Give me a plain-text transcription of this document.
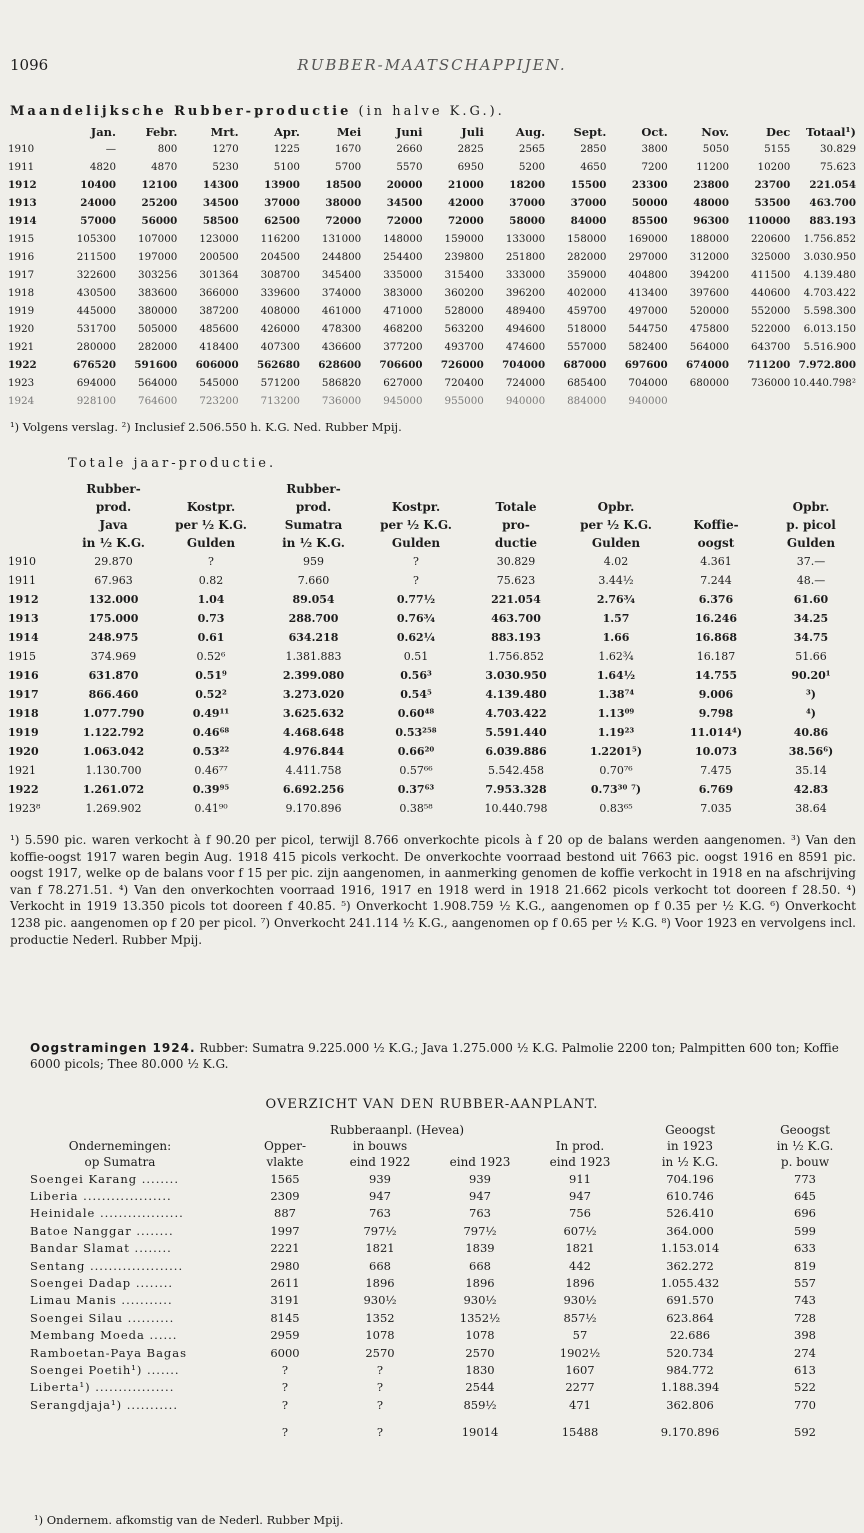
1096	RUBBER-MAATSCHAPPIJEN.
Maandelijksche Rubber-productie (in halve K.G.).
	Jan.	Febr.	Mrt.	Apr.	Mei	Juni	Juli	Aug.	Sept.	Oct.	Nov.	Dec	Totaal¹)
1910	—	800	1270	1225	1670	2660	2825	2565	2850	3800	5050	5155	30.829
1911	4820	4870	5230	5100	5700	5570	6950	5200	4650	7200	11200	10200	75.623
1912	10400	12100	14300	13900	18500	20000	21000	18200	15500	23300	23800	23700	221.054
1913	24000	25200	34500	37000	38000	34500	42000	37000	37000	50000	48000	53500	463.700
1914	57000	56000	58500	62500	72000	72000	72000	58000	84000	85500	96300	110000	883.193
1915	105300	107000	123000	116200	131000	148000	159000	133000	158000	169000	188000	220600	1.756.852
1916	211500	197000	200500	204500	244800	254400	239800	251800	282000	297000	312000	325000	3.030.950
1917	322600	303256	301364	308700	345400	335000	315400	333000	359000	404800	394200	411500	4.139.480
1918	430500	383600	366000	339600	374000	383000	360200	396200	402000	413400	397600	440600	4.703.422
1919	445000	380000	387200	408000	461000	471000	528000	489400	459700	497000	520000	552000	5.598.300
1920	531700	505000	485600	426000	478300	468200	563200	494600	518000	544750	475800	522000	6.013.150
1921	280000	282000	418400	407300	436600	377200	493700	474600	557000	582400	564000	643700	5.516.900
1922	676520	591600	606000	562680	628600	706600	726000	704000	687000	697600	674000	711200	7.972.800
1923	694000	564000	545000	571200	586820	627000	720400	724000	685400	704000	680000	736000	10.440.798²
1924	928100	764600	723200	713200	736000	945000	955000	940000	884000	940000			
¹) Volgens verslag. ²) Inclusief 2.506.550 h. K.G. Ned. Rubber Mpij.
Totale jaar-productie.
	Rubber-		Rubber-					
	prod.	Kostpr.	prod.	Kostpr.	Totale	Opbr.		Opbr.
	Java	per ½ K.G.	Sumatra	per ½ K.G.	pro-	per ½ K.G.	Koffie-	p. picol
	in ½ K.G.	Gulden	in ½ K.G.	Gulden	ductie	Gulden	oogst	Gulden
1910	29.870	?	959	?	30.829	4.02	4.361	37.—
1911	67.963	0.82	7.660	?	75.623	3.44½	7.244	48.—
1912	132.000	1.04	89.054	0.77½	221.054	2.76¾	6.376	61.60
1913	175.000	0.73	288.700	0.76¾	463.700	1.57	16.246	34.25
1914	248.975	0.61	634.218	0.62¼	883.193	1.66	16.868	34.75
1915	374.969	0.52⁶	1.381.883	0.51	1.756.852	1.62¾	16.187	51.66
1916	631.870	0.51⁹	2.399.080	0.56³	3.030.950	1.64½	14.755	90.20¹
1917	866.460	0.52²	3.273.020	0.54⁵	4.139.480	1.38⁷⁴	9.006	³)
1918	1.077.790	0.49¹¹	3.625.632	0.60⁴⁸	4.703.422	1.13⁰⁹	9.798	⁴)
1919	1.122.792	0.46⁶⁸	4.468.648	0.53²⁵⁸	5.591.440	1.19²³	11.014⁴)	40.86
1920	1.063.042	0.53²²	4.976.844	0.66²⁰	6.039.886	1.2201⁵)	10.073	38.56⁶)
1921	1.130.700	0.46⁷⁷	4.411.758	0.57⁶⁶	5.542.458	0.70⁷⁶	7.475	35.14
1922	1.261.072	0.39⁹⁵	6.692.256	0.37⁶³	7.953.328	0.73³⁰ ⁷)	6.769	42.83
1923⁸	1.269.902	0.41⁹⁰	9.170.896	0.38⁵⁸	10.440.798	0.83⁶⁵	7.035	38.64
¹) 5.590 pic. waren verkocht à f 90.20 per picol, terwijl 8.766 onverkochte picols à f 20 op de balans werden aangenomen. ³) Van den koffie-oogst 1917 waren begin Aug. 1918 415 picols verkocht. De onverkochte voorraad bestond uit 7663 pic. oogst 1916 en 8591 pic. oogst 1917, welke op de balans voor f 15 per pic. zijn aangenomen, in aanmerking genomen de koffie verkocht in 1918 en na afschrijving van f 78.271.51. ⁴) Van den onverkochten voorraad 1916, 1917 en 1918 werd in 1918 21.662 picols verkocht tot dooreen f 28.50. ⁴) Verkocht in 1919 13.350 picols tot dooreen f 40.85. ⁵) Onverkocht 1.908.759 ½ K.G., aangenomen op f 0.35 per ½ K.G. ⁶) Onverkocht 1238 pic. aangenomen op f 20 per picol. ⁷) Onverkocht 241.114 ½ K.G., aangenomen op f 0.65 per ½ K.G. ⁸) Voor 1923 en vervolgens incl. productie Nederl. Rubber Mpij.
Oogstramingen 1924. Rubber: Sumatra 9.225.000 ½ K.G.; Java 1.275.000 ½ K.G. Palmolie 2200 ton; Palmpitten 600 ton; Koffie 6000 picols; Thee 80.000 ½ K.G.
OVERZICHT VAN DEN RUBBER-AANPLANT.
		Rubberaanpl. (Hevea)			Geoogst	Geoogst
Ondernemingen:	Opper-	in bouws		In prod.	in 1923	in ½ K.G.
op Sumatra	vlakte	eind 1922	eind 1923	eind 1923	in ½ K.G.	p. bouw
Soengei Karang ........	1565	939	939	911	704.196	773
Liberia ...................	2309	947	947	947	610.746	645
Heinidale ..................	887	763	763	756	526.410	696
Batoe Nanggar ........	1997	797½	797½	607½	364.000	599
Bandar Slamat ........	2221	1821	1839	1821	1.153.014	633
Sentang ....................	2980	668	668	442	362.272	819
Soengei Dadap ........	2611	1896	1896	1896	1.055.432	557
Limau Manis ...........	3191	930½	930½	930½	691.570	743
Soengei Silau ..........	8145	1352	1352½	857½	623.864	728
Membang Moeda ......	2959	1078	1078	57	22.686	398
Ramboetan-Paya Bagas	6000	2570	2570	1902½	520.734	274
Soengei Poetih¹) .......	?	?	1830	1607	984.772	613
Liberta¹) .................	?	?	2544	2277	1.188.394	522
Serangdjaja¹) ...........	?	?	859½	471	362.806	770
	?	?	19014	15488	9.170.896	592
¹) Ondernem. afkomstig van de Nederl. Rubber Mpij.
